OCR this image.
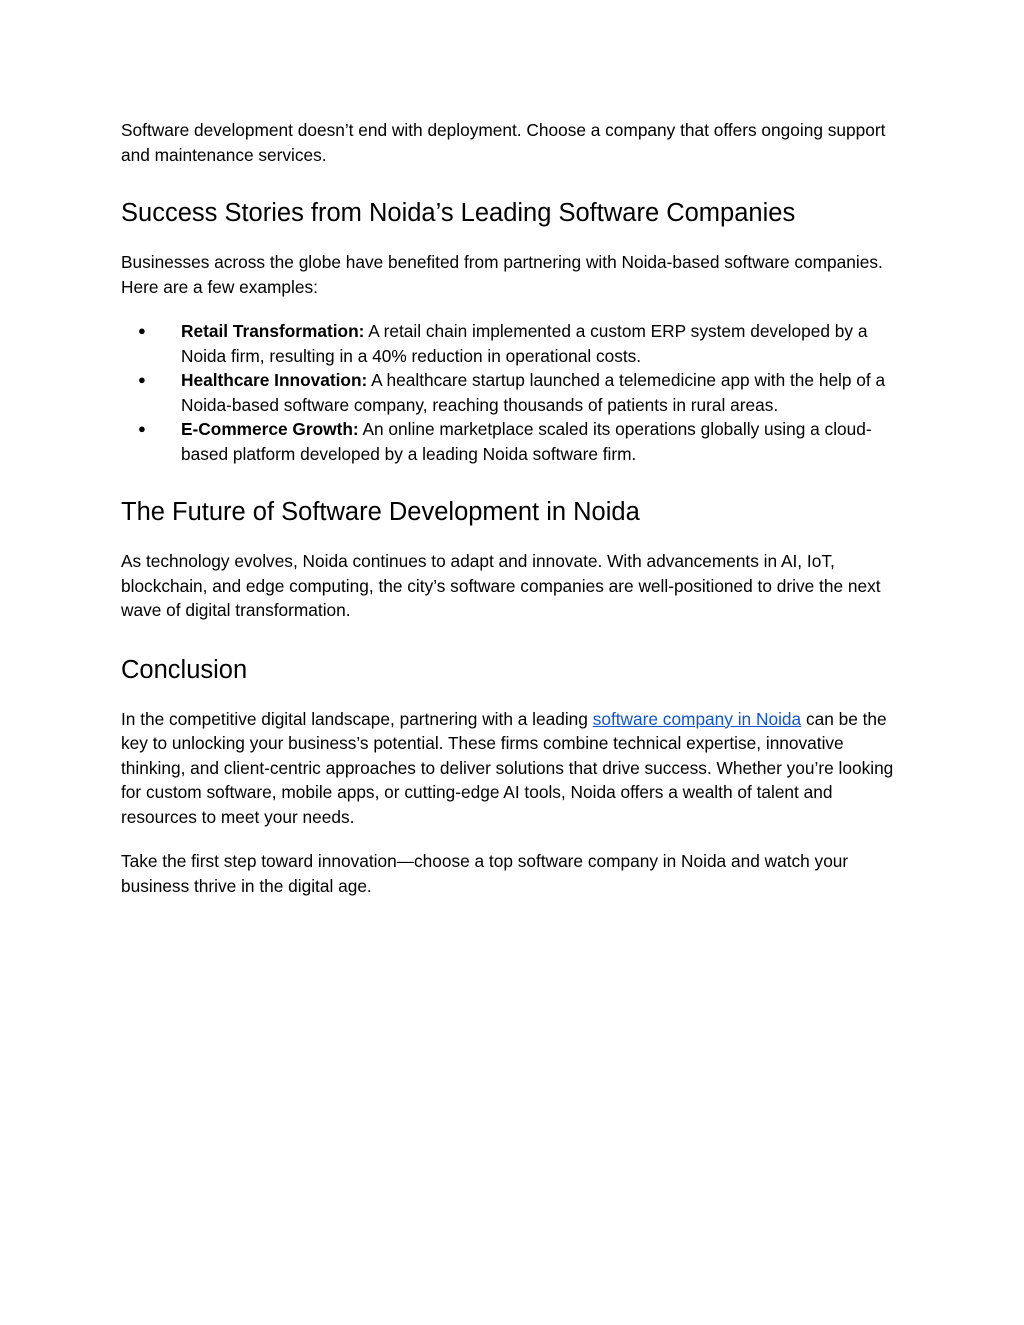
Software development doesn’t end with deployment. Choose a company that offers ongoing support and maintenance services.

Success Stories from Noida’s Leading Software Companies

Businesses across the globe have benefited from partnering with Noida-based software companies. Here are a few examples:

● Retail Transformation: A retail chain implemented a custom ERP system developed by a Noida firm, resulting in a 40% reduction in operational costs.
● Healthcare Innovation: A healthcare startup launched a telemedicine app with the help of a Noida-based software company, reaching thousands of patients in rural areas.
● E-Commerce Growth: An online marketplace scaled its operations globally using a cloud-based platform developed by a leading Noida software firm.
The Future of Software Development in Noida

As technology evolves, Noida continues to adapt and innovate. With advancements in AI, IoT, blockchain, and edge computing, the city’s software companies are well-positioned to drive the next wave of digital transformation.

Conclusion

In the competitive digital landscape, partnering with a leading software company in Noida can be the key to unlocking your business’s potential. These firms combine technical expertise, innovative thinking, and client-centric approaches to deliver solutions that drive success. Whether you’re looking for custom software, mobile apps, or cutting-edge AI tools, Noida offers a wealth of talent and resources to meet your needs.

Take the first step toward innovation—choose a top software company in Noida and watch your business thrive in the digital age.
